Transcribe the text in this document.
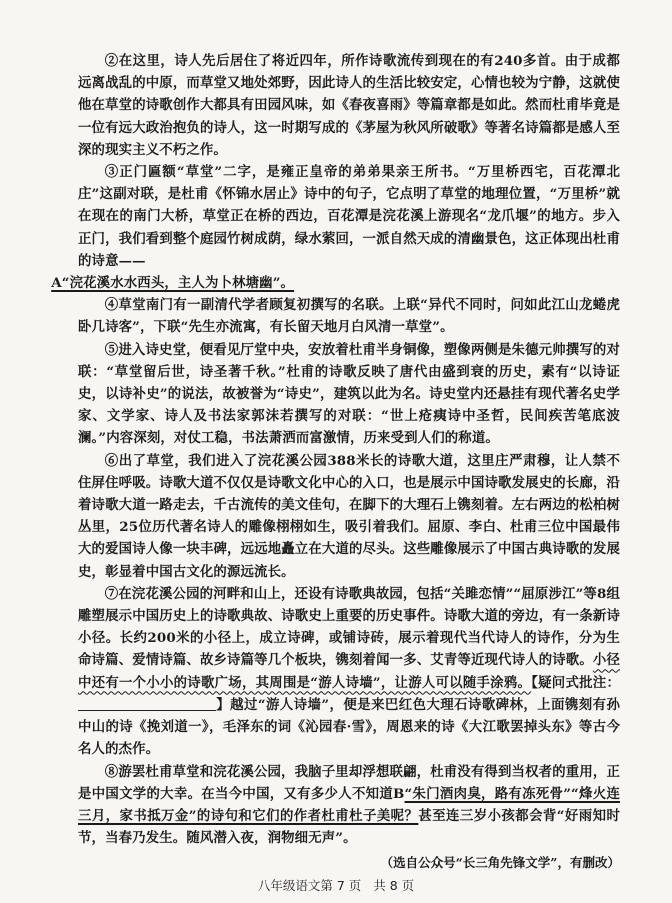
②在这里，诗人先后居住了将近四年，所作诗歌流传到现在的有240多首。由于成都远离战乱的中原，而草堂又地处郊野，因此诗人的生活比较安定，心情也较为宁静，这就使他在草堂的诗歌创作大都具有田园风味，如《春夜喜雨》等篇章都是如此。然而杜甫毕竟是一位有远大政治抱负的诗人，这一时期写成的《茅屋为秋风所破歌》等著名诗篇都是感人至深的现实主义不朽之作。

③正门匾额“草堂”二字，是雍正皇帝的弟弟果亲王所书。“万里桥西宅，百花潭北庄”这副对联，是杜甫《怀锦水居止》诗中的句子，它点明了草堂的地理位置，“万里桥”就在现在的南门大桥，草堂正在桥的西边，百花潭是浣花溪上游现名“龙爪堰”的地方。步入正门，我们看到整个庭园竹树成荫，绿水萦回，一派自然天成的清幽景色，这正体现出杜甫的诗意——
A“浣花溪水水西头，主人为卜林塘幽”。

④草堂南门有一副清代学者顾复初撰写的名联。上联“异代不同时，问如此江山龙蜷虎卧几诗客”，下联“先生亦流寓，有长留天地月白风清一草堂”。

⑤进入诗史堂，便看见厅堂中央，安放着杜甫半身铜像，塑像两侧是朱德元帅撰写的对联：“草堂留后世，诗圣著千秋。”杜甫的诗歌反映了唐代由盛到衰的历史，素有“以诗证史，以诗补史”的说法，故被誉为“诗史”，建筑以此为名。诗史堂内还悬挂有现代著名史学家、文学家、诗人及书法家郭沫若撰写的对联：“世上疮痍诗中圣哲，民间疾苦笔底波澜。”内容深刻，对仗工稳，书法萧洒而富激情，历来受到人们的称道。

⑥出了草堂，我们进入了浣花溪公园388米长的诗歌大道，这里庄严肃穆，让人禁不住屏住呼吸。诗歌大道不仅仅是诗歌文化中心的入口，也是展示中国诗歌发展史的长廊，沿着诗歌大道一路走去，千古流传的美文佳句，在脚下的大理石上镌刻着。左右两边的松柏树丛里，25位历代著名诗人的雕像栩栩如生，吸引着我们。屈原、李白、杜甫三位中国最伟大的爱国诗人像一块丰碑，远远地矗立在大道的尽头。这些雕像展示了中国古典诗歌的发展史，彰显着中国古文化的源远流长。

⑦在浣花溪公园的河畔和山上，还设有诗歌典故园，包括“关雎恋情”“屈原涉江”等8组雕塑展示中国历史上的诗歌典故、诗歌史上重要的历史事件。诗歌大道的旁边，有一条新诗小径。长约200米的小径上，成立诗碑，或铺诗砖，展示着现代当代诗人的诗作，分为生命诗篇、爱情诗篇、故乡诗篇等几个板块，镌刻着闻一多、艾青等近现代诗人的诗歌。小径中还有一个小小的诗歌广场，其周围是“游人诗墙”，让游人可以随手涂鸦。【疑问式批注：】越过“游人诗墙”，便是来巴红色大理石诗歌碑林，上面镌刻有孙中山的诗《挽刘道一》，毛泽东的词《沁园春·雪》，周恩来的诗《大江歌罢掉头东》等古今名人的杰作。

⑧游罢杜甫草堂和浣花溪公园，我脑子里却浮想联翩，杜甫没有得到当权者的重用，正是中国文学的大幸。在当今中国，又有多少人不知道B“朱门酒肉臭，路有冻死骨”“烽火连三月，家书抵万金”的诗句和它们的作者杜甫杜子美呢？甚至连三岁小孩都会背“好雨知时节，当春乃发生。随风潜入夜，润物细无声”。

（选自公众号“长三角先锋文学”，有删改）
八年级语文第 7 页 共 8 页
